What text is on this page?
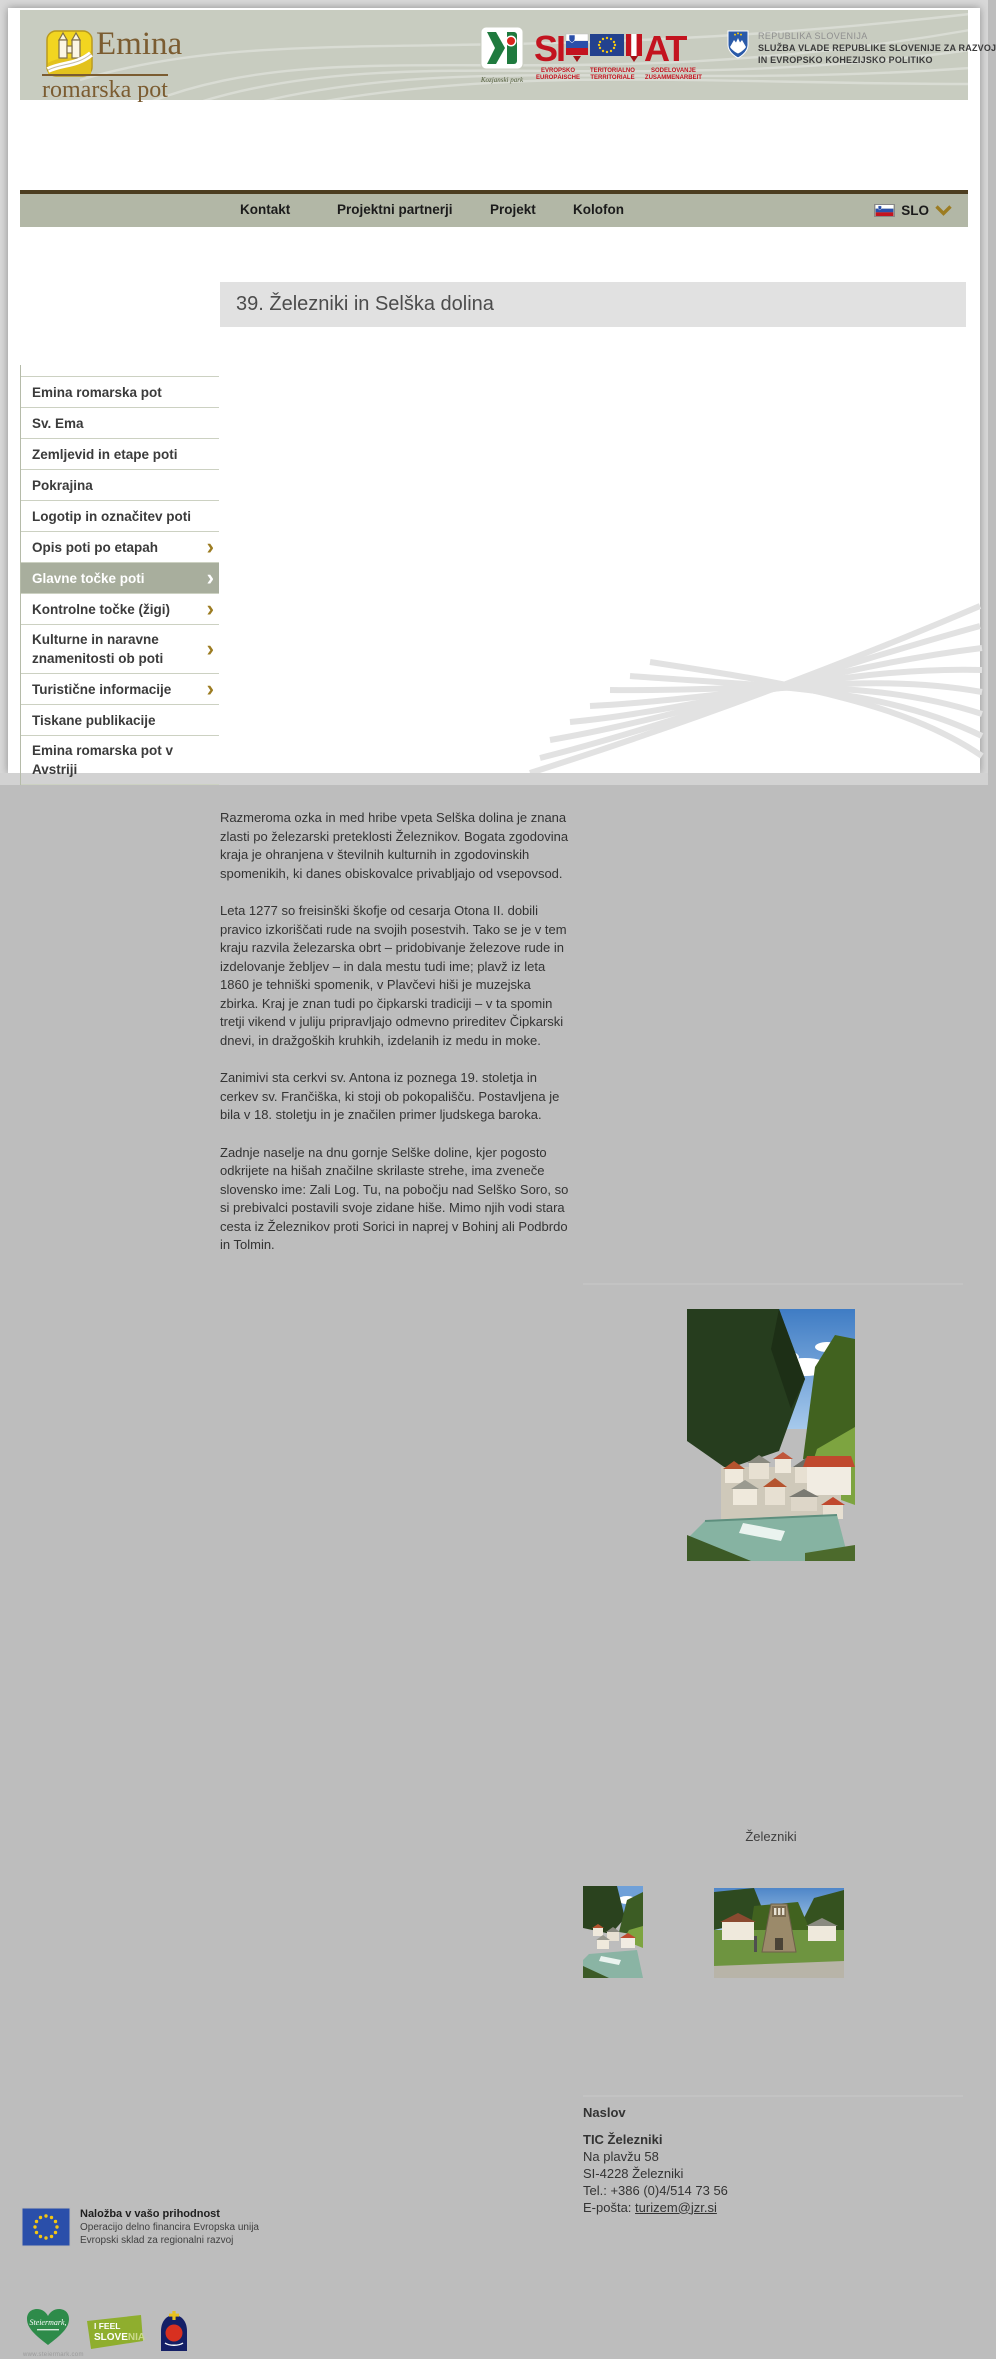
Emina
romarska pot	Kozjanski park
SI AT
EVROPSKO
EUROPÄISCHE
TERITORIALNO
TERRITORIALE
SODELOVANJE
ZUSAMMENARBEIT
REPUBLIKA SLOVENIJA
SLUŽBA VLADE REPUBLIKE SLOVENIJE ZA RAZVOJ
IN EVROPSKO KOHEZIJSKO POLITIKO
Kontakt	Projektni partnerji	Projekt	Kolofon	SLO
39. Železniki in Selška dolina
Emina romarska pot
Sv. Ema
Zemljevid in etape poti
Pokrajina
Logotip in označitev poti
Opis poti po etapah ›
Glavne točke poti	›
Kontrolne točke (žigi) ›
Kulturne in naravne znamenitosti ob poti	›
Turistične informacije ›
Tiskane publikacije
Emina romarska pot v Avstriji

Razmeroma ozka in med hribe vpeta Selška dolina je znana zlasti po železarski preteklosti Železnikov. Bogata zgodovina kraja je ohranjena v številnih kulturnih in zgodovinskih spomenikih, ki danes obiskovalce privabljajo od vsepovsod.

Leta 1277 so freisinški škofje od cesarja Otona II. dobili pravico izkoriščati rude na svojih posestvih. Tako se je v tem kraju razvila železarska obrt – pridobivanje železove rude in izdelovanje žebljev – in dala mestu tudi ime; plavž iz leta 1860 je tehniški spomenik, v Plavčevi hiši je muzejska zbirka. Kraj je znan tudi po čipkarski tradiciji – v ta spomin tretji vikend v juliju pripravljajo odmevno prireditev Čipkarski dnevi, in dražgoških kruhkih, izdelanih iz medu in moke.

Zanimivi sta cerkvi sv. Antona iz poznega 19. stoletja in cerkev sv. Frančiška, ki stoji ob pokopališču. Postavljena je bila v 18. stoletju in je značilen primer ljudskega baroka.

Zadnje naselje na dnu gornje Selške doline, kjer pogosto odkrijete na hišah značilne skrilaste strehe, ima zveneče slovensko ime: Zali Log. Tu, na pobočju nad Selško Soro, so si prebivalci postavili svoje zidane hiše. Mimo njih vodi stara cesta iz Železnikov proti Sorici in naprej v Bohinj ali Podbrdo in Tolmin.

Železniki

Naslov
TIC Železniki
Na plavžu 58
SI-4228 Železniki
Tel.: +386 (0)4/514 73 56
E-pošta: turizem@jzr.si
Naložba v vašo prihodnost
Operacijo delno financira Evropska unija
Evropski sklad za regionalni razvoj
Steiermark,
www.steiermark.com
I FEEL
SLOVENIA
